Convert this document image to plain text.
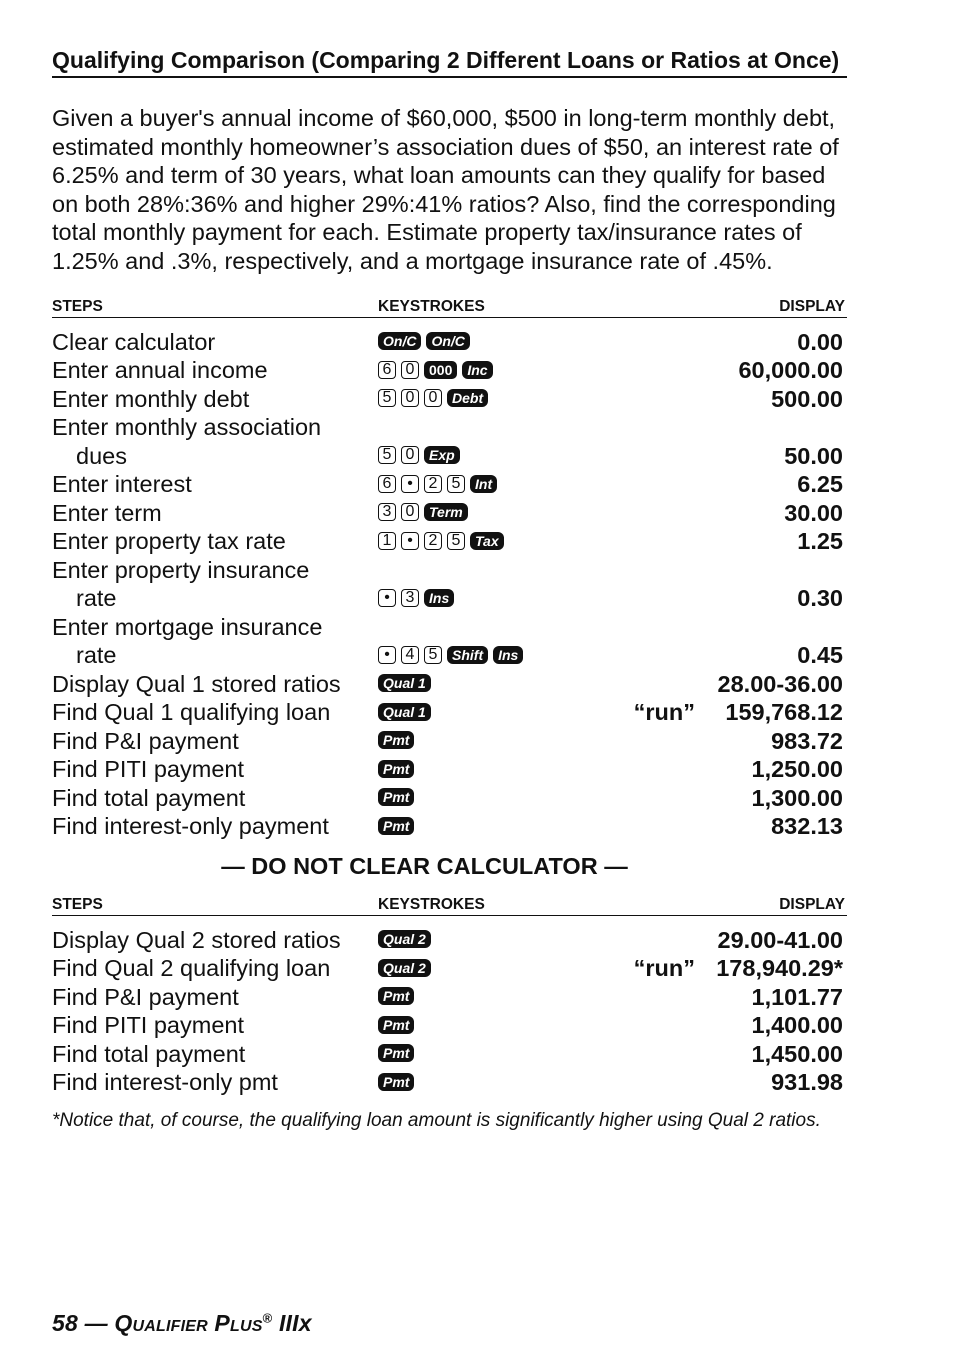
Qualifying Comparison (Comparing 2 Different Loans or Ratios at Once)
Given a buyer's annual income of $60,000, $500 in long-term monthly debt, estimated monthly homeowner’s association dues of $50, an interest rate of 6.25% and term of 30 years, what loan amounts can they qualify for based on both 28%:36% and higher 29%:41% ratios? Also, find the corresponding total monthly payment for each. Estimate property tax/insurance rates of 1.25% and .3%, respectively, and a mortgage insurance rate of .45%.
STEPS	KEYSTROKES	DISPLAY
Clear calculator	On/C	On/C	0.00
Enter annual income	6 0	000	Inc	60,000.00
Enter monthly debt	5 0 0	Debt	500.00
Enter monthly association
dues	5 0	Exp	50.00
Enter interest	6 • 2 5	Int	6.25
Enter term	3 0	Term	30.00
Enter property tax rate	1 • 2 5	Tax	1.25
Enter property insurance
rate	• 3	Ins	0.30
Enter mortgage insurance
rate	• 4 5	Shift	Ins	0.45
Display Qual 1 stored ratios	Qual 1	28.00-36.00
Find Qual 1 qualifying loan	Qual 1	“run” 159,768.12
Find P&I payment	Pmt	983.72
Find PITI payment	Pmt	1,250.00
Find total payment	Pmt	1,300.00
Find interest-only payment	Pmt	832.13
— DO NOT CLEAR CALCULATOR —
STEPS	KEYSTROKES	DISPLAY
Display Qual 2 stored ratios	Qual 2	29.00-41.00
Find Qual 2 qualifying loan	Qual 2	“run” 178,940.29*
Find P&I payment	Pmt	1,101.77
Find PITI payment	Pmt	1,400.00
Find total payment	Pmt	1,450.00
Find interest-only pmt	Pmt	931.98
*Notice that, of course, the qualifying loan amount is significantly higher using Qual 2 ratios.
58 — Qualifier Plus® IIIx
